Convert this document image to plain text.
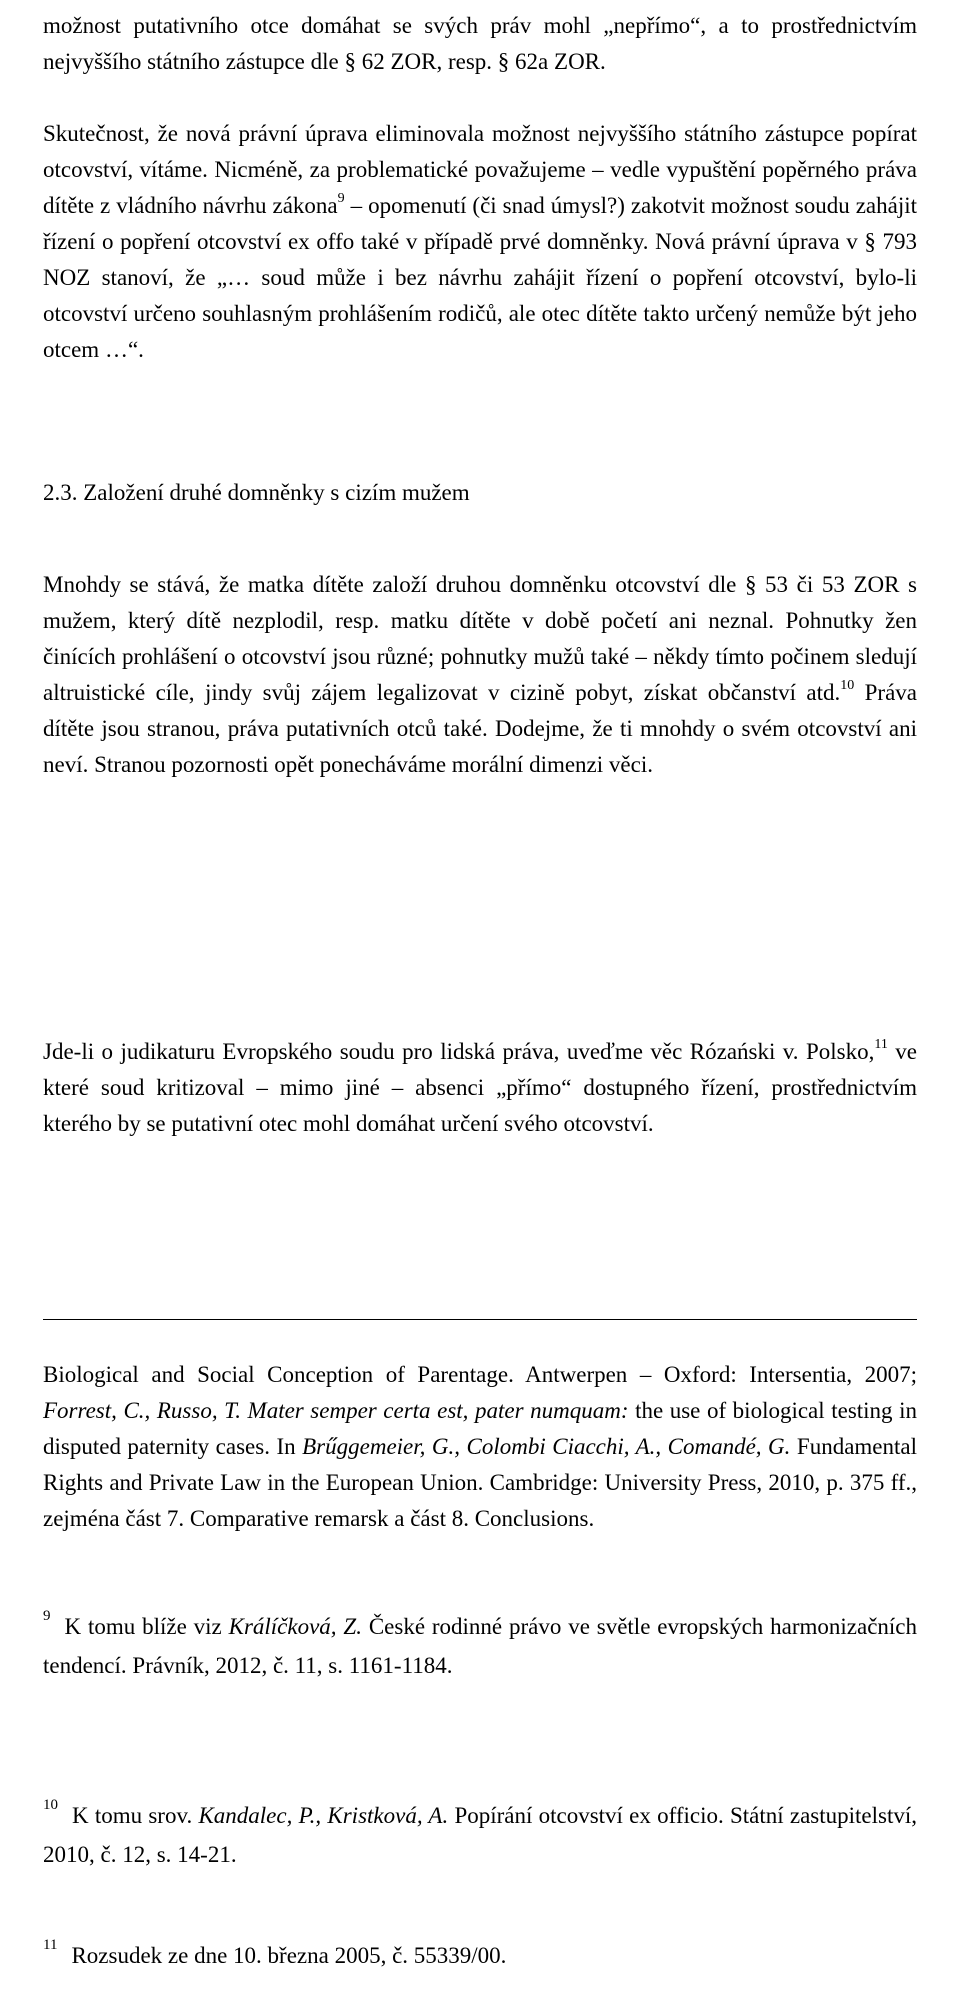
možnost putativního otce domáhat se svých práv mohl „nepřímo“, a to prostřednictvím nejvyššího státního zástupce dle § 62 ZOR, resp. § 62a ZOR.

Skutečnost, že nová právní úprava eliminovala možnost nejvyššího státního zástupce popírat otcovství, vítáme. Nicméně, za problematické považujeme – vedle vypuštění popěrného práva dítěte z vládního návrhu zákona$^9$ – opomenutí (či snad úmysl?) zakotvit možnost soudu zahájit řízení o popření otcovství ex offo také v případě prvé domněnky. Nová právní úprava v § 793 NOZ stanoví, že „… soud může i bez návrhu zahájit řízení o popření otcovství, bylo-li otcovství určeno souhlasným prohlášením rodičů, ale otec dítěte takto určený nemůže být jeho otcem …“.

2.3. Založení druhé domněnky s cizím mužem

Mnohdy se stává, že matka dítěte založí druhou domněnku otcovství dle § 53 či 53 ZOR s mužem, který dítě nezplodil, resp. matku dítěte v době početí ani neznal. Pohnutky žen činících prohlášení o otcovství jsou různé; pohnutky mužů také – někdy tímto počinem sledují altruistické cíle, jindy svůj zájem legalizovat v cizině pobyt, získat občanství atd.$^{10}$ Práva dítěte jsou stranou, práva putativních otců také. Dodejme, že ti mnohdy o svém otcovství ani neví. Stranou pozornosti opět ponecháváme morální dimenzi věci.

Jde-li o judikaturu Evropského soudu pro lidská práva, uveďme věc Rózański v. Polsko,$^{11}$ ve které soud kritizoval – mimo jiné – absenci „přímo“ dostupného řízení, prostřednictvím kterého by se putativní otec mohl domáhat určení svého otcovství.

Biological and Social Conception of Parentage. Antwerpen – Oxford: Intersentia, 2007; Forrest, C., Russo, T. Mater semper certa est, pater numquam: the use of biological testing in disputed paternity cases. In Brűggemeier, G., Colombi Ciacchi, A., Comandé, G. Fundamental Rights and Private Law in the European Union. Cambridge: University Press, 2010, p. 375 ff., zejména část 7. Comparative remarsk a část 8. Conclusions.

$^9$ K tomu blíže viz Králíčková, Z. České rodinné právo ve světle evropských harmonizačních tendencí. Právník, 2012, č. 11, s. 1161-1184.

$^{10}$ K tomu srov. Kandalec, P., Kristková, A. Popírání otcovství ex officio. Státní zastupitelství, 2010, č. 12, s. 14-21.

$^{11}$ Rozsudek ze dne 10. března 2005, č. 55339/00.
